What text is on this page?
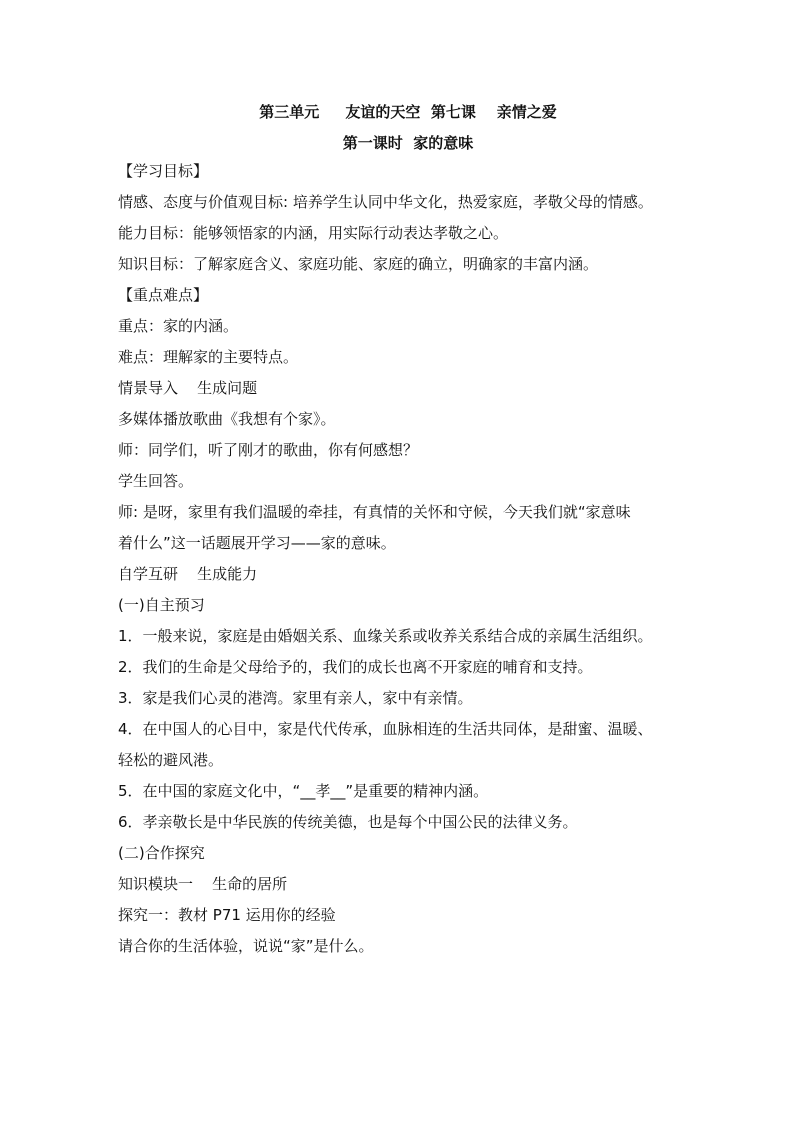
第三单元     友谊的天空  第七课    亲情之爱
第一课时  家的意味
【学习目标】
情感、态度与价值观目标: 培养学生认同中华文化，热爱家庭，孝敬父母的情感。
能力目标：能够领悟家的内涵，用实际行动表达孝敬之心。
知识目标：了解家庭含义、家庭功能、家庭的确立，明确家的丰富内涵。
【重点难点】
重点：家的内涵。
难点：理解家的主要特点。
情景导入    生成问题
多媒体播放歌曲《我想有个家》。
师：同学们，听了刚才的歌曲，你有何感想？
学生回答。
师: 是呀，家里有我们温暖的牵挂，有真情的关怀和守候，今天我们就“家意味
着什么”这一话题展开学习——家的意味。
自学互研    生成能力
(一)自主预习
1．一般来说，家庭是由婚姻关系、血缘关系或收养关系结合成的亲属生活组织。
2．我们的生命是父母给予的，我们的成长也离不开家庭的哺育和支持。
3．家是我们心灵的港湾。家里有亲人，家中有亲情。
4．在中国人的心目中，家是代代传承，血脉相连的生活共同体，是甜蜜、温暖、
轻松的避风港。
5．在中国的家庭文化中，“__孝__”是重要的精神内涵。
6．孝亲敬长是中华民族的传统美德，也是每个中国公民的法律义务。
(二)合作探究
知识模块一    生命的居所
探究一：教材 P71 运用你的经验
请合你的生活体验，说说“家”是什么。
